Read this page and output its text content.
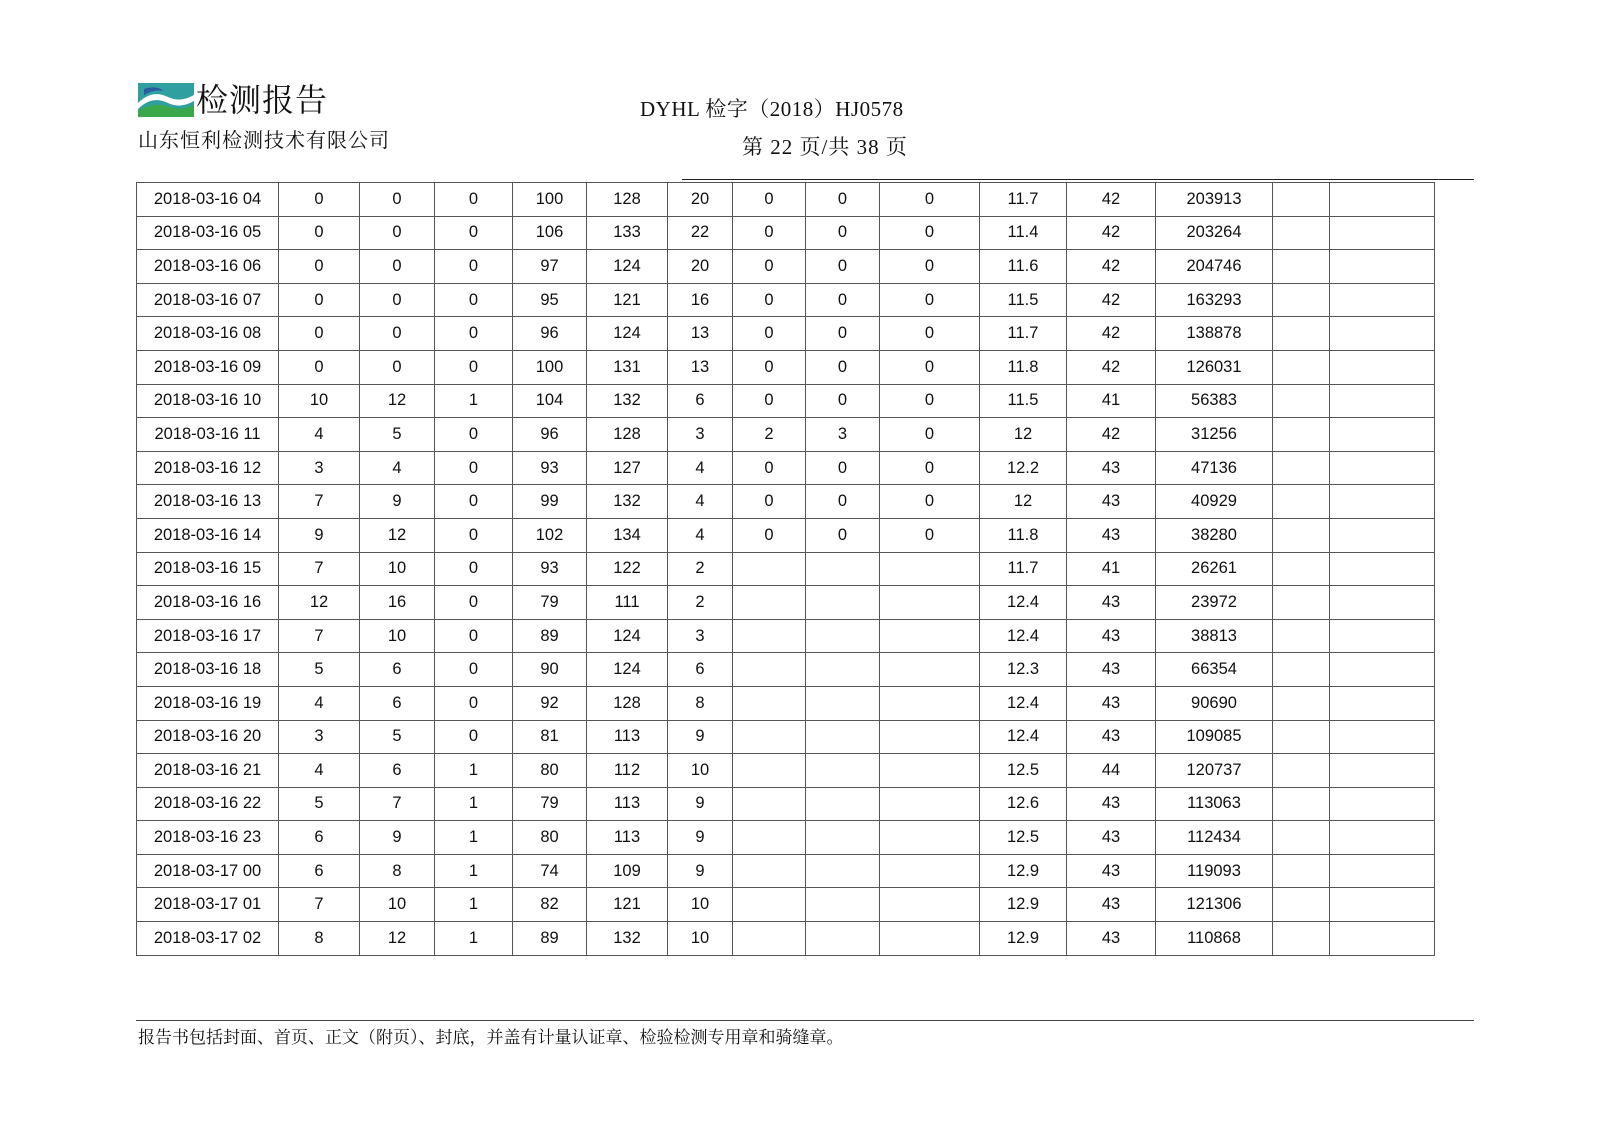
检测报告
山东恒利检测技术有限公司
DYHL 检字（2018）HJ0578
第 22 页/共 38 页
2018-03-16 04	0	0	0	100	128	20	0	0	0	11.7	42	203913		
2018-03-16 05	0	0	0	106	133	22	0	0	0	11.4	42	203264		
2018-03-16 06	0	0	0	97	124	20	0	0	0	11.6	42	204746		
2018-03-16 07	0	0	0	95	121	16	0	0	0	11.5	42	163293		
2018-03-16 08	0	0	0	96	124	13	0	0	0	11.7	42	138878		
2018-03-16 09	0	0	0	100	131	13	0	0	0	11.8	42	126031		
2018-03-16 10	10	12	1	104	132	6	0	0	0	11.5	41	56383		
2018-03-16 11	4	5	0	96	128	3	2	3	0	12	42	31256		
2018-03-16 12	3	4	0	93	127	4	0	0	0	12.2	43	47136		
2018-03-16 13	7	9	0	99	132	4	0	0	0	12	43	40929		
2018-03-16 14	9	12	0	102	134	4	0	0	0	11.8	43	38280		
2018-03-16 15	7	10	0	93	122	2				11.7	41	26261		
2018-03-16 16	12	16	0	79	111	2				12.4	43	23972		
2018-03-16 17	7	10	0	89	124	3				12.4	43	38813		
2018-03-16 18	5	6	0	90	124	6				12.3	43	66354		
2018-03-16 19	4	6	0	92	128	8				12.4	43	90690		
2018-03-16 20	3	5	0	81	113	9				12.4	43	109085		
2018-03-16 21	4	6	1	80	112	10				12.5	44	120737		
2018-03-16 22	5	7	1	79	113	9				12.6	43	113063		
2018-03-16 23	6	9	1	80	113	9				12.5	43	112434		
2018-03-17 00	6	8	1	74	109	9				12.9	43	119093		
2018-03-17 01	7	10	1	82	121	10				12.9	43	121306		
2018-03-17 02	8	12	1	89	132	10				12.9	43	110868		
报告书包括封面、首页、正文（附页）、封底，并盖有计量认证章、检验检测专用章和骑缝章。
